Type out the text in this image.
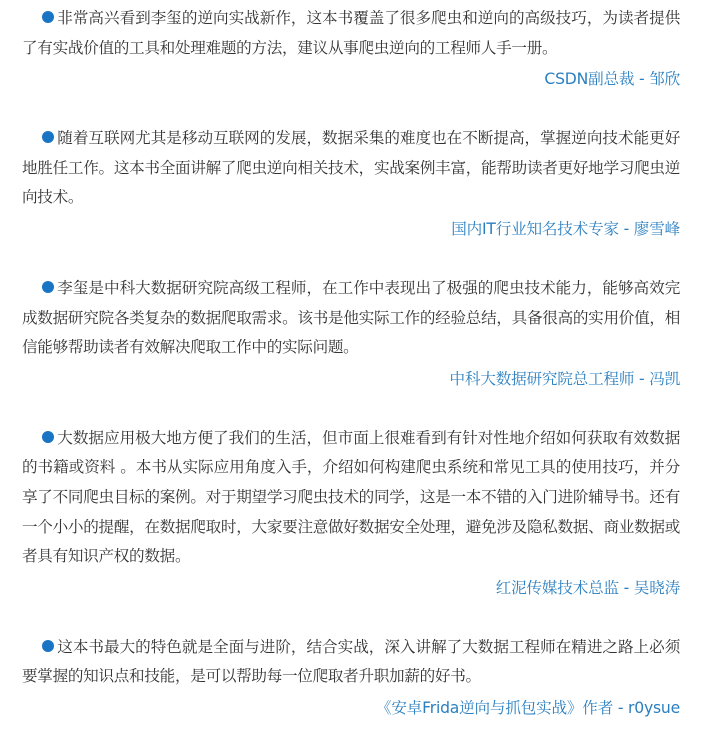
非常高兴看到李玺的逆向实战新作，这本书覆盖了很多爬虫和逆向的高级技巧，为读者提供了有实战价值的工具和处理难题的方法，建议从事爬虫逆向的工程师人手一册。

CSDN副总裁 - 邹欣

随着互联网尤其是移动互联网的发展，数据采集的难度也在不断提高，掌握逆向技术能更好地胜任工作。这本书全面讲解了爬虫逆向相关技术，实战案例丰富，能帮助读者更好地学习爬虫逆向技术。

国内IT行业知名技术专家 - 廖雪峰

李玺是中科大数据研究院高级工程师，在工作中表现出了极强的爬虫技术能力，能够高效完成数据研究院各类复杂的数据爬取需求。该书是他实际工作的经验总结，具备很高的实用价值，相信能够帮助读者有效解决爬取工作中的实际问题。

中科大数据研究院总工程师 - 冯凯

大数据应用极大地方便了我们的生活，但市面上很难看到有针对性地介绍如何获取有效数据的书籍或资料 。本书从实际应用角度入手，介绍如何构建爬虫系统和常见工具的使用技巧，并分享了不同爬虫目标的案例。对于期望学习爬虫技术的同学，这是一本不错的入门进阶辅导书。还有一个小小的提醒，在数据爬取时，大家要注意做好数据安全处理，避免涉及隐私数据、商业数据或者具有知识产权的数据。

红泥传媒技术总监 - 吴晓涛

这本书最大的特色就是全面与进阶，结合实战，深入讲解了大数据工程师在精进之路上必须要掌握的知识点和技能，是可以帮助每一位爬取者升职加薪的好书。

《安卓Frida逆向与抓包实战》作者 - r0ysue
